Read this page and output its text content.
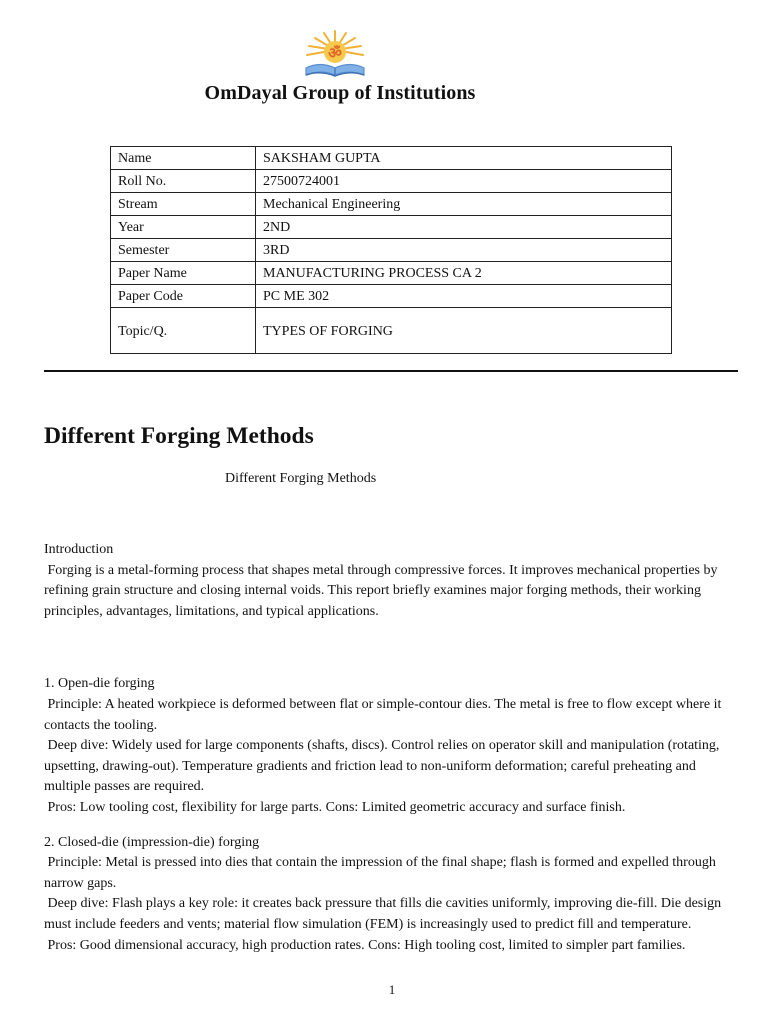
ॐ
OmDayal Group of Institutions
Name	SAKSHAM GUPTA
Roll No.	27500724001
Stream	Mechanical Engineering
Year	2ND
Semester	3RD
Paper Name	MANUFACTURING PROCESS CA 2
Paper Code	PC ME 302
Topic/Q.	TYPES OF FORGING
Different Forging Methods
Different Forging Methods

Introduction

Forging is a metal-forming process that shapes metal through compressive forces. It improves mechanical properties by refining grain structure and closing internal voids. This report briefly examines major forging methods, their working principles, advantages, limitations, and typical applications.

1. Open-die forging

Principle: A heated workpiece is deformed between flat or simple-contour dies. The metal is free to flow except where it contacts the tooling.

Deep dive: Widely used for large components (shafts, discs). Control relies on operator skill and manipulation (rotating, upsetting, drawing-out). Temperature gradients and friction lead to non-uniform deformation; careful preheating and multiple passes are required.

Pros: Low tooling cost, flexibility for large parts. Cons: Limited geometric accuracy and surface finish.

2. Closed-die (impression-die) forging

Principle: Metal is pressed into dies that contain the impression of the final shape; flash is formed and expelled through narrow gaps.

Deep dive: Flash plays a key role: it creates back pressure that fills die cavities uniformly, improving die-fill. Die design must include feeders and vents; material flow simulation (FEM) is increasingly used to predict fill and temperature.

Pros: Good dimensional accuracy, high production rates. Cons: High tooling cost, limited to simpler part families.

1
